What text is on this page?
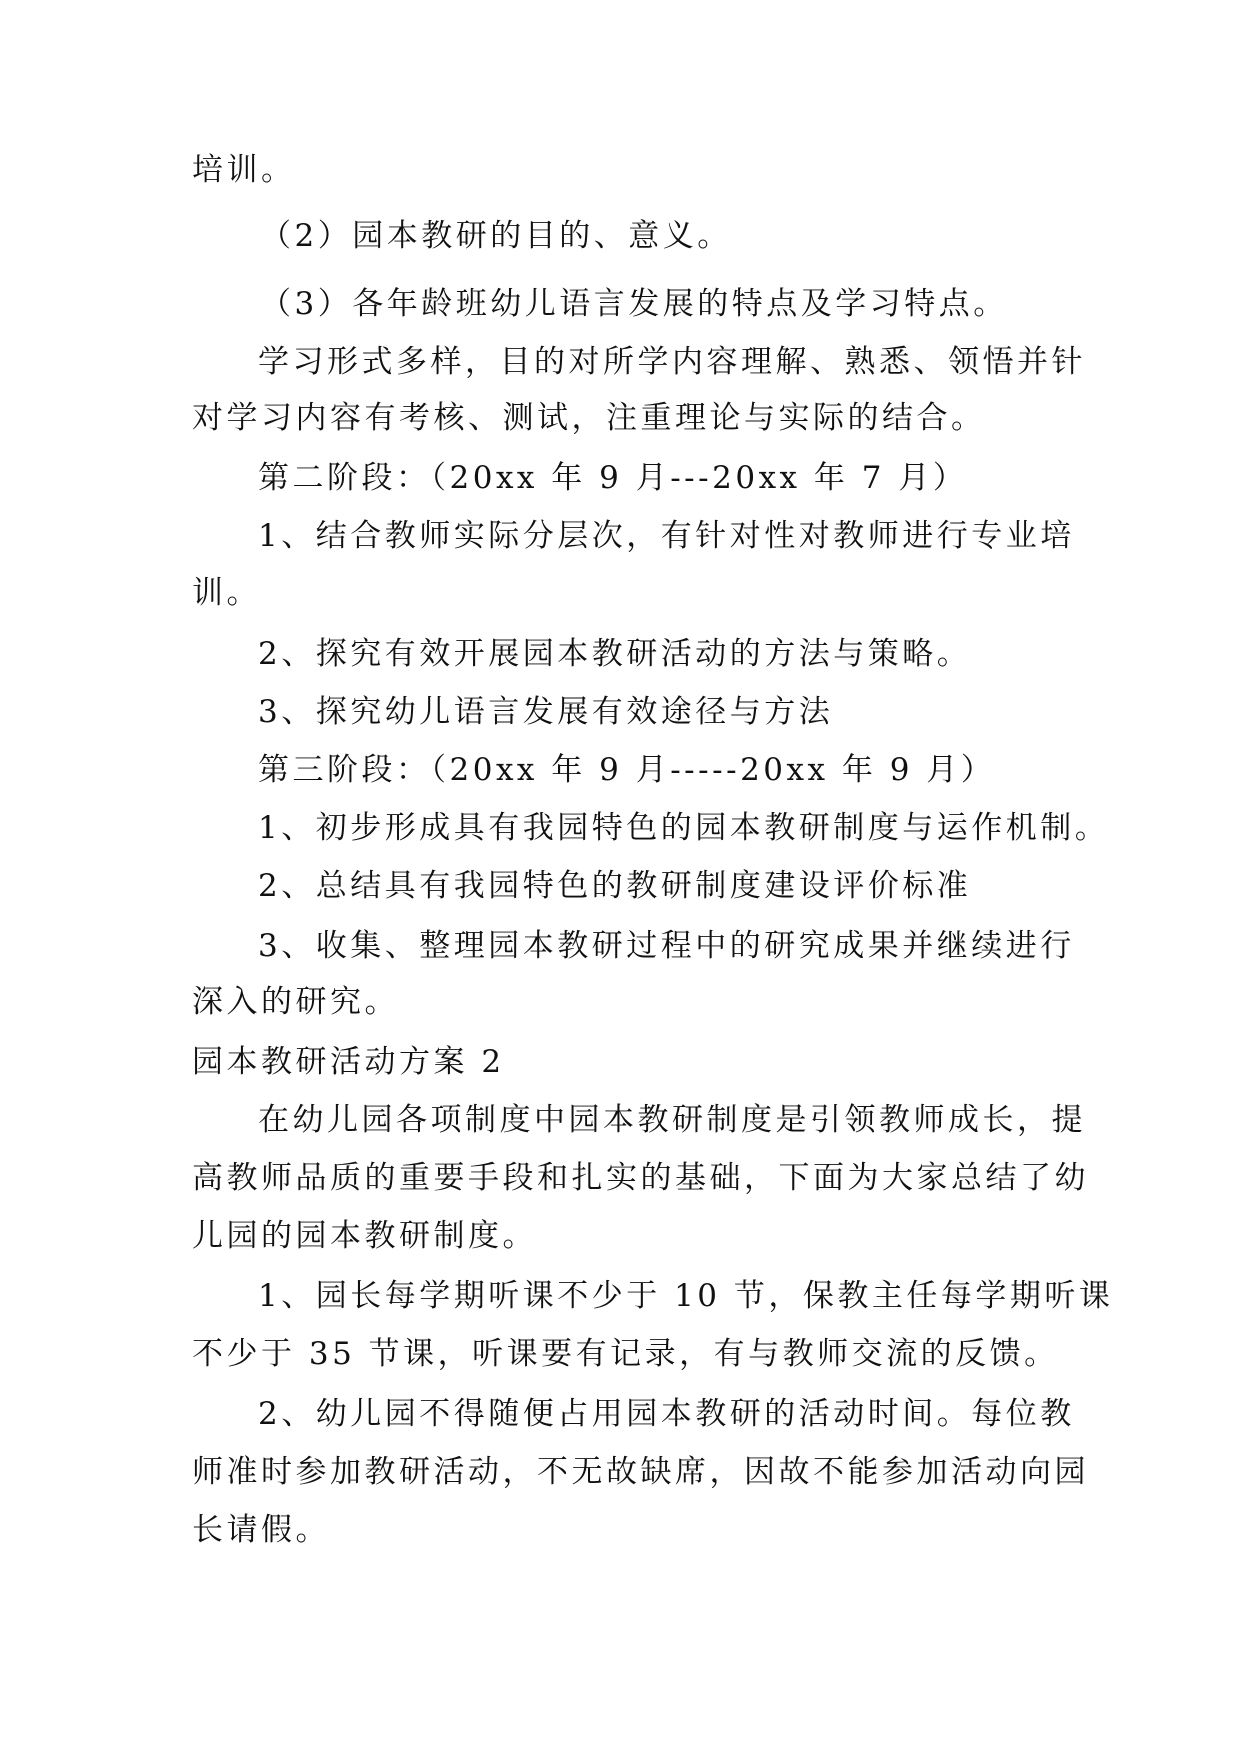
培训。
（2）园本教研的目的、意义。
（3）各年龄班幼儿语言发展的特点及学习特点。
学习形式多样，目的对所学内容理解、熟悉、领悟并针
对学习内容有考核、测试，注重理论与实际的结合。
第二阶段：（20xx 年 9 月---20xx 年 7 月）
1、结合教师实际分层次，有针对性对教师进行专业培
训。
2、探究有效开展园本教研活动的方法与策略。
3、探究幼儿语言发展有效途径与方法
第三阶段：（20xx 年 9 月-----20xx 年 9 月）
1、初步形成具有我园特色的园本教研制度与运作机制。
2、总结具有我园特色的教研制度建设评价标准
3、收集、整理园本教研过程中的研究成果并继续进行
深入的研究。
园本教研活动方案 2
在幼儿园各项制度中园本教研制度是引领教师成长，提
高教师品质的重要手段和扎实的基础，下面为大家总结了幼
儿园的园本教研制度。
1、园长每学期听课不少于 10 节，保教主任每学期听课
不少于 35 节课，听课要有记录，有与教师交流的反馈。
2、幼儿园不得随便占用园本教研的活动时间。每位教
师准时参加教研活动，不无故缺席，因故不能参加活动向园
长请假。
